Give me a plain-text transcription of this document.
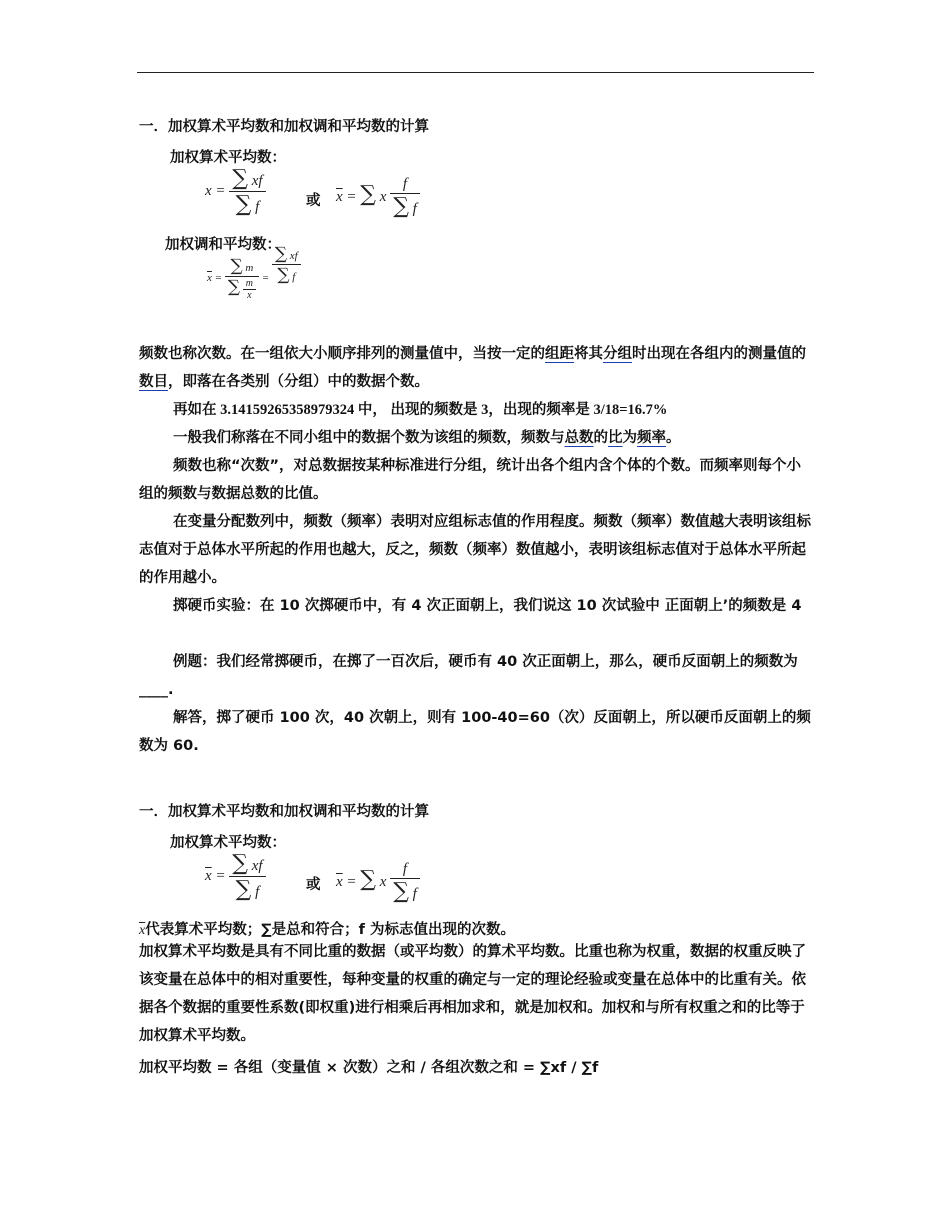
一．加权算术平均数和加权调和平均数的计算
加权算术平均数：
$x = \frac{\sum xf}{\sum f}$	或 $\overline{x}$ = ∑ x $\frac{f}{\sum f}$
加权调和平均数：
$\overline{x} = \frac{\sum m}{\sum \frac{m}{x}} = \frac{\sum xf}{\sum f}$
频数也称次数。在一组依大小顺序排列的测量值中，当按一定的组距将其分组时出现在各组内的测量值的数目，即落在各类别（分组）中的数据个数。
再如在 3.14159265358979324 中， 出现的频数是 3，出现的频率是 3/18=16.7%
一般我们称落在不同小组中的数据个数为该组的频数，频数与总数的比为频率。
频数也称“次数”，对总数据按某种标准进行分组，统计出各个组内含个体的个数。而频率则每个小组的频数与数据总数的比值。
在变量分配数列中，频数（频率）表明对应组标志值的作用程度。频数（频率）数值越大表明该组标志值对于总体水平所起的作用也越大，反之，频数（频率）数值越小，表明该组标志值对于总体水平所起的作用越小。
掷硬币实验：在 10 次掷硬币中，有 4 次正面朝上，我们说这 10 次试验中 正面朝上’的频数是 4
例题：我们经常掷硬币，在掷了一百次后，硬币有 40 次正面朝上，那么，硬币反面朝上的频数为____.
解答，掷了硬币 100 次，40 次朝上，则有 100-40=60（次）反面朝上，所以硬币反面朝上的频数为 60.
一．加权算术平均数和加权调和平均数的计算
加权算术平均数：
$\overline{x} = \frac{\sum xf}{\sum f}$	或 $\overline{x}$ = ∑ x $\frac{f}{\sum f}$
$\overline{x}$代表算术平均数；∑是总和符合；f 为标志值出现的次数。
加权算术平均数是具有不同比重的数据（或平均数）的算术平均数。比重也称为权重，数据的权重反映了该变量在总体中的相对重要性，每种变量的权重的确定与一定的理论经验或变量在总体中的比重有关。依据各个数据的重要性系数(即权重)进行相乘后再相加求和，就是加权和。加权和与所有权重之和的比等于加权算术平均数。
加权平均数 = 各组（变量值 × 次数）之和 / 各组次数之和 = ∑xf / ∑f
